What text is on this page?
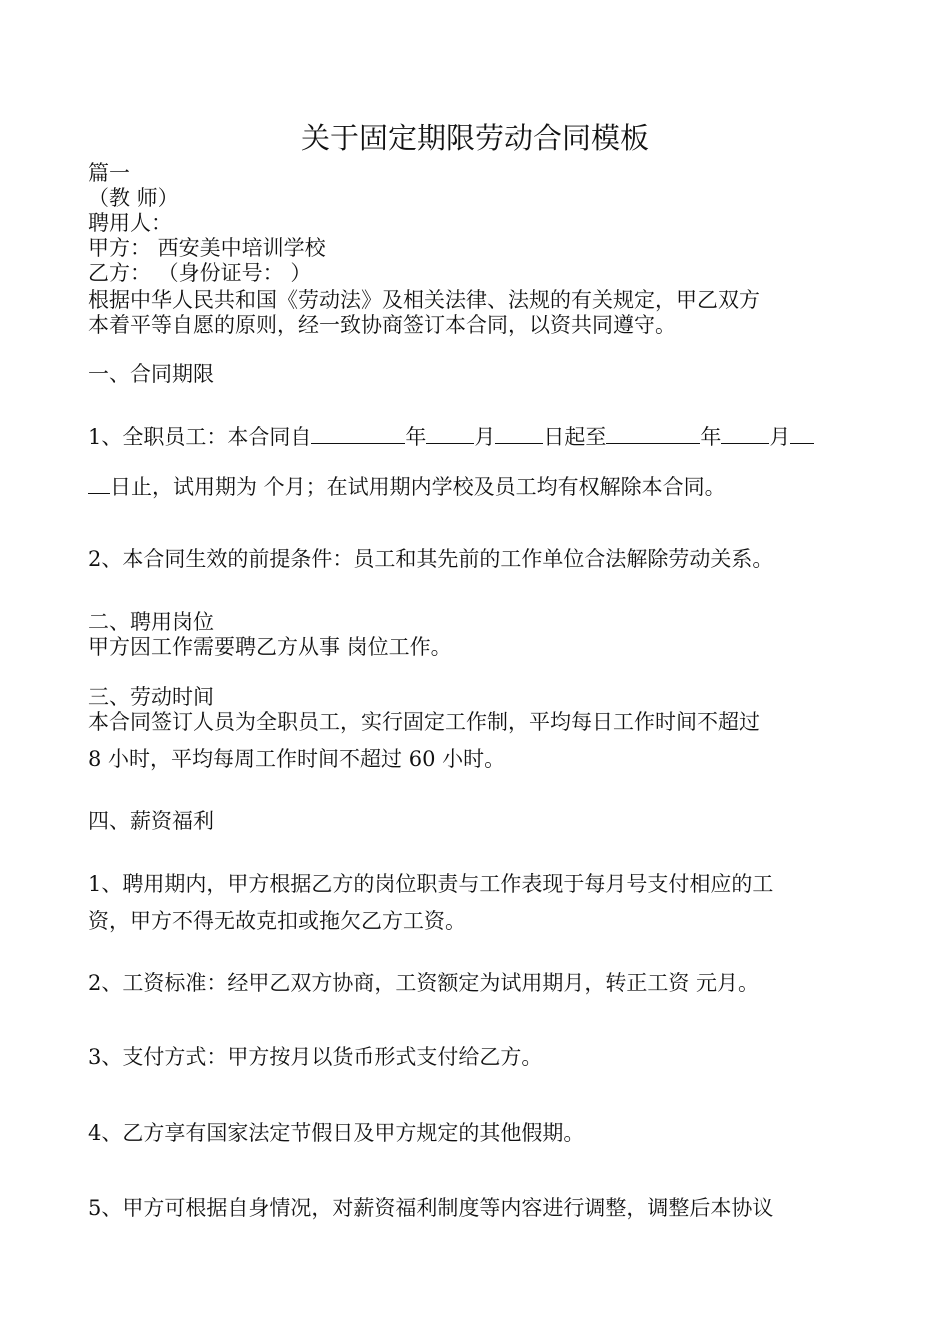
关于固定期限劳动合同模板
篇一
（教 师）
聘用人：
甲方： 西安美中培训学校
乙方： （身份证号： ）
根据中华人民共和国《劳动法》及相关法律、法规的有关规定，甲乙双方
本着平等自愿的原则，经一致协商签订本合同，以资共同遵守。
一、合同期限
1、全职员工：本合同自	年 月 日起至	年 月
日止，试用期为 个月；在试用期内学校及员工均有权解除本合同。
2、本合同生效的前提条件：员工和其先前的工作单位合法解除劳动关系。
二、聘用岗位
甲方因工作需要聘乙方从事 岗位工作。
三、劳动时间
本合同签订人员为全职员工，实行固定工作制，平均每日工作时间不超过
8 小时，平均每周工作时间不超过 60 小时。
四、薪资福利
1、聘用期内，甲方根据乙方的岗位职责与工作表现于每月号支付相应的工
资，甲方不得无故克扣或拖欠乙方工资。
2、工资标准：经甲乙双方协商，工资额定为试用期月，转正工资 元月。
3、支付方式：甲方按月以货币形式支付给乙方。
4、乙方享有国家法定节假日及甲方规定的其他假期。
5、甲方可根据自身情况，对薪资福利制度等内容进行调整，调整后本协议
